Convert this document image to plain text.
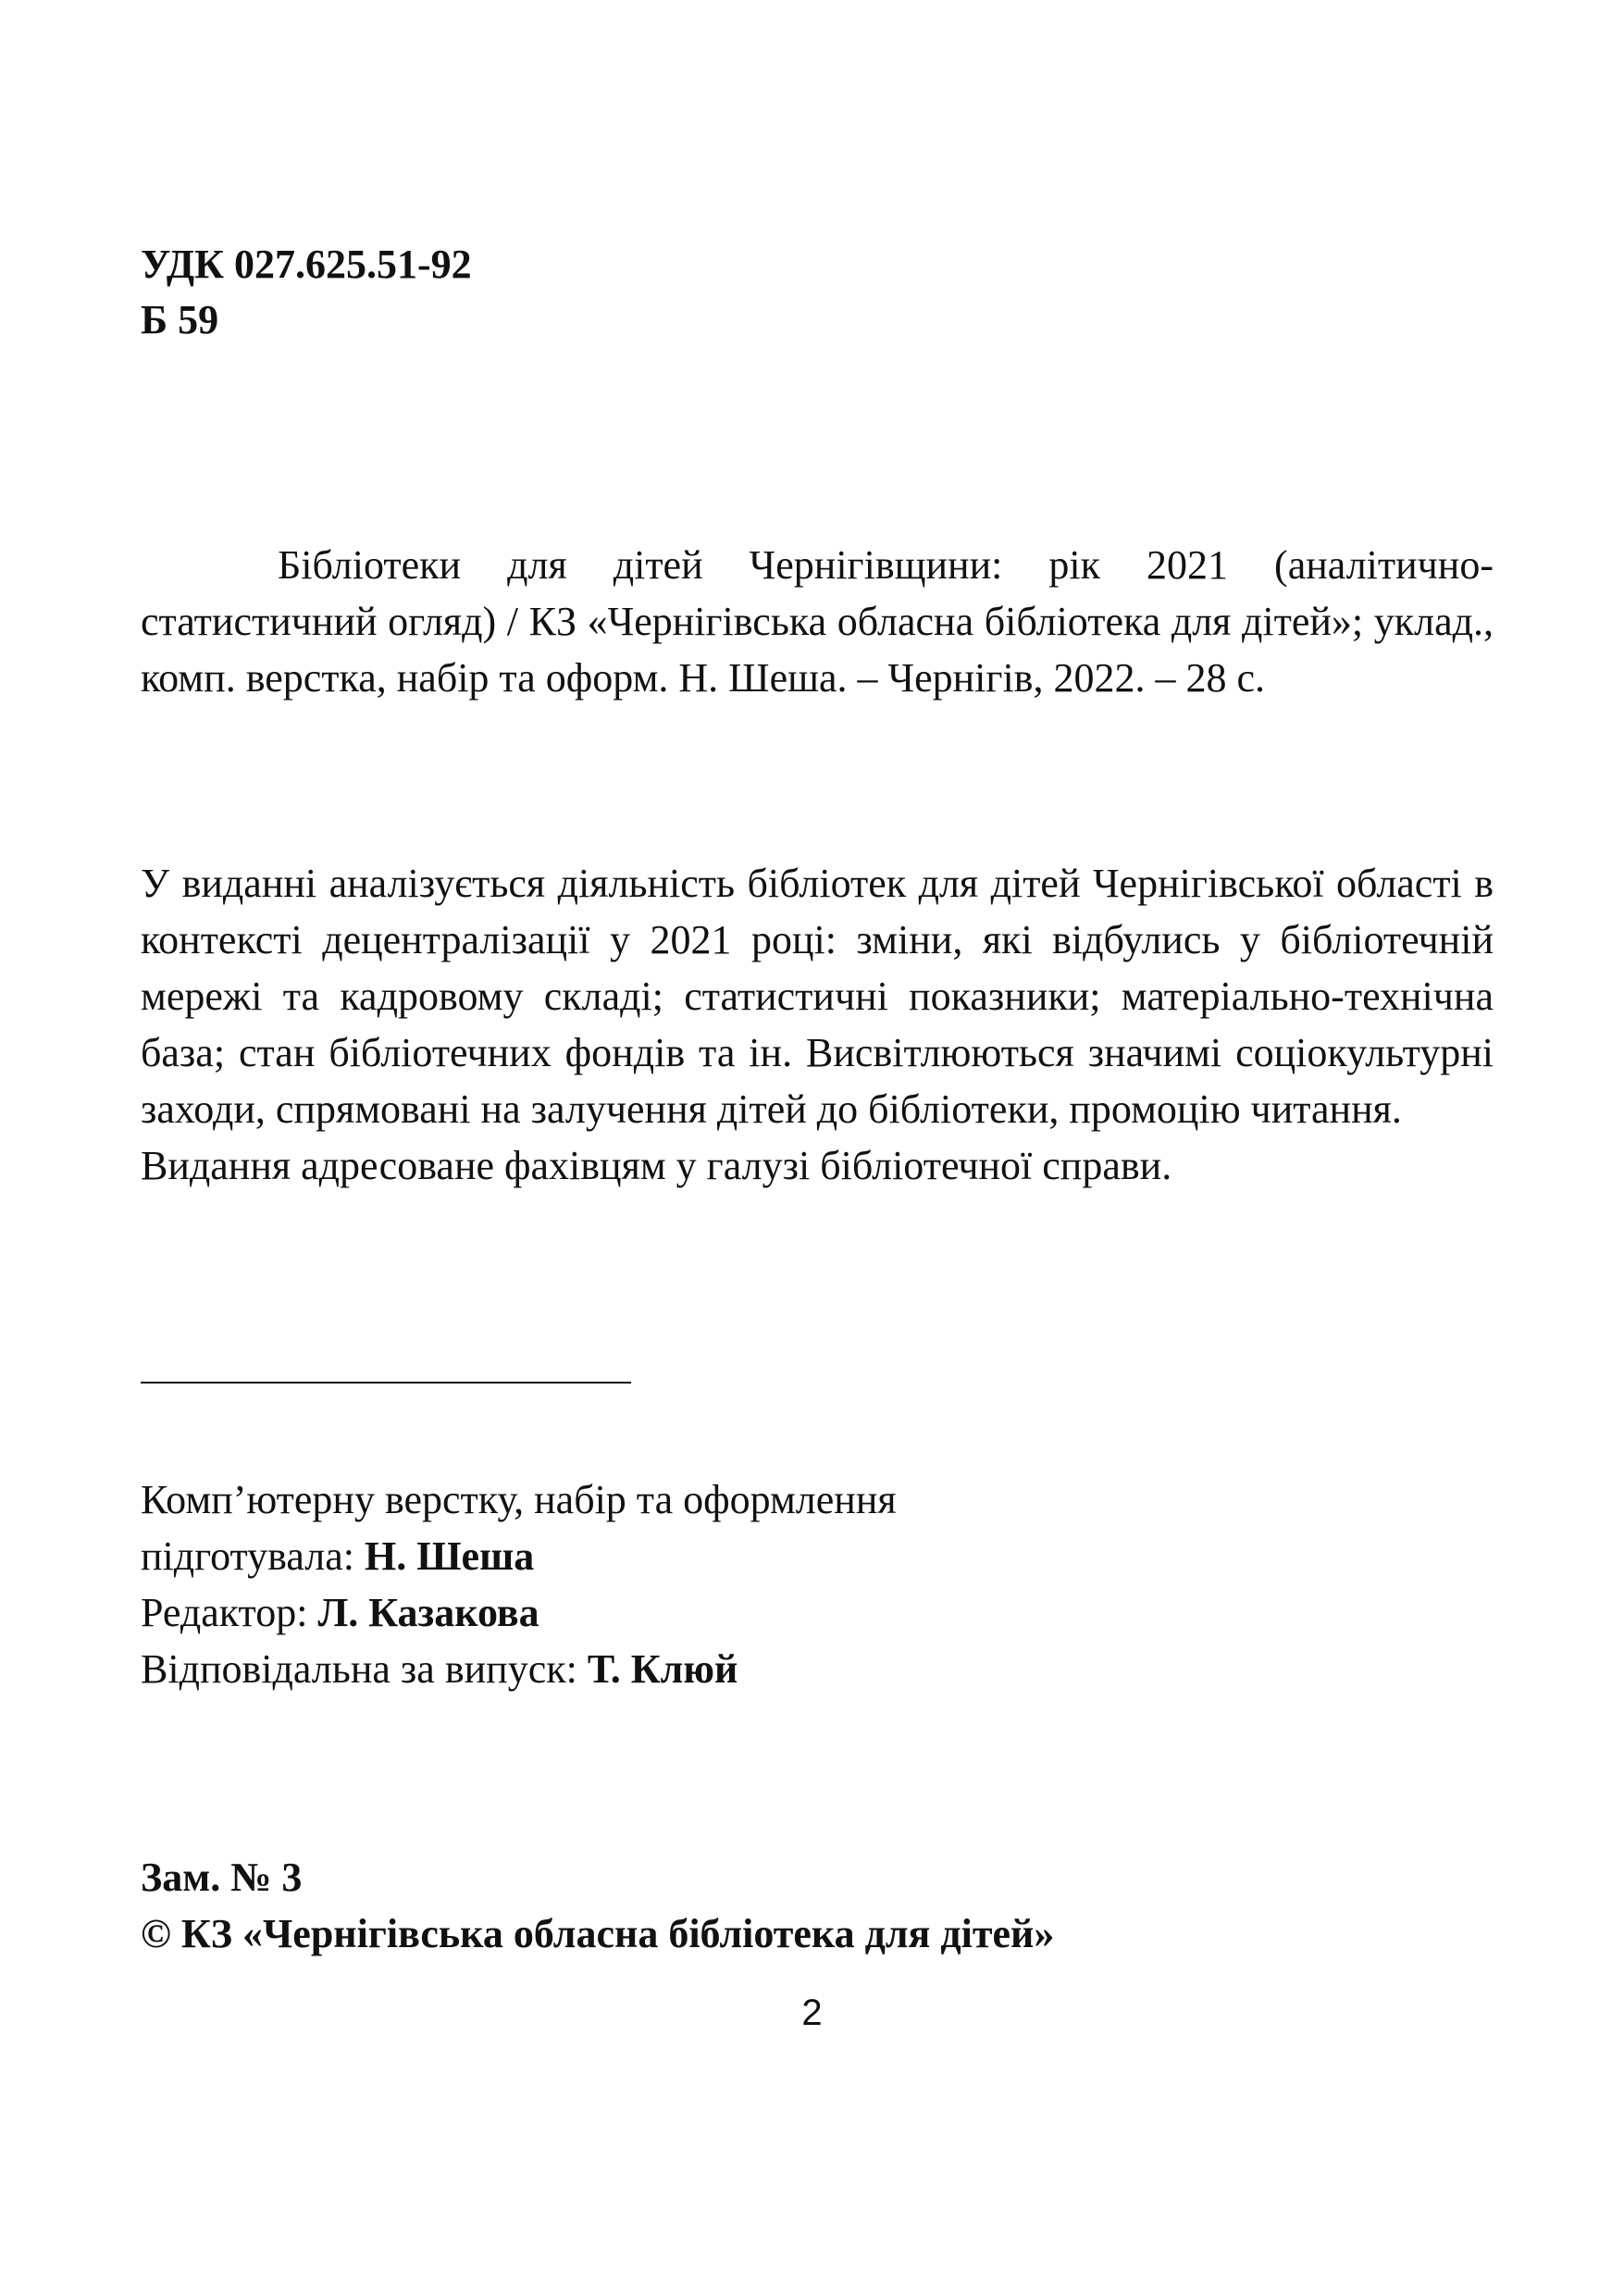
УДК 027.625.51-92
Б 59
Бібліотеки для дітей Чернігівщини: рік 2021 (аналітично-статистичний огляд) / КЗ «Чернігівська обласна бібліотека для дітей»; уклад., комп. верстка, набір та оформ. Н. Шеша. – Чернігів, 2022. – 28 с.

У виданні аналізується діяльність бібліотек для дітей Чернігівської області в контексті децентралізації у 2021 році: зміни, які відбулись у бібліотечній мережі та кадровому складі; статистичні показники; матеріально-технічна база; стан бібліотечних фондів та ін. Висвітлюються значимі соціокультурні заходи, спрямовані на залучення дітей до бібліотеки, промоцію читання.

Видання адресоване фахівцям у галузі бібліотечної справи.

Комп’ютерну верстку, набір та оформлення
підготувала: Н. Шеша
Редактор: Л. Казакова
Відповідальна за випуск: Т. Клюй
Зам. № 3
© КЗ «Чернігівська обласна бібліотека для дітей»
2
